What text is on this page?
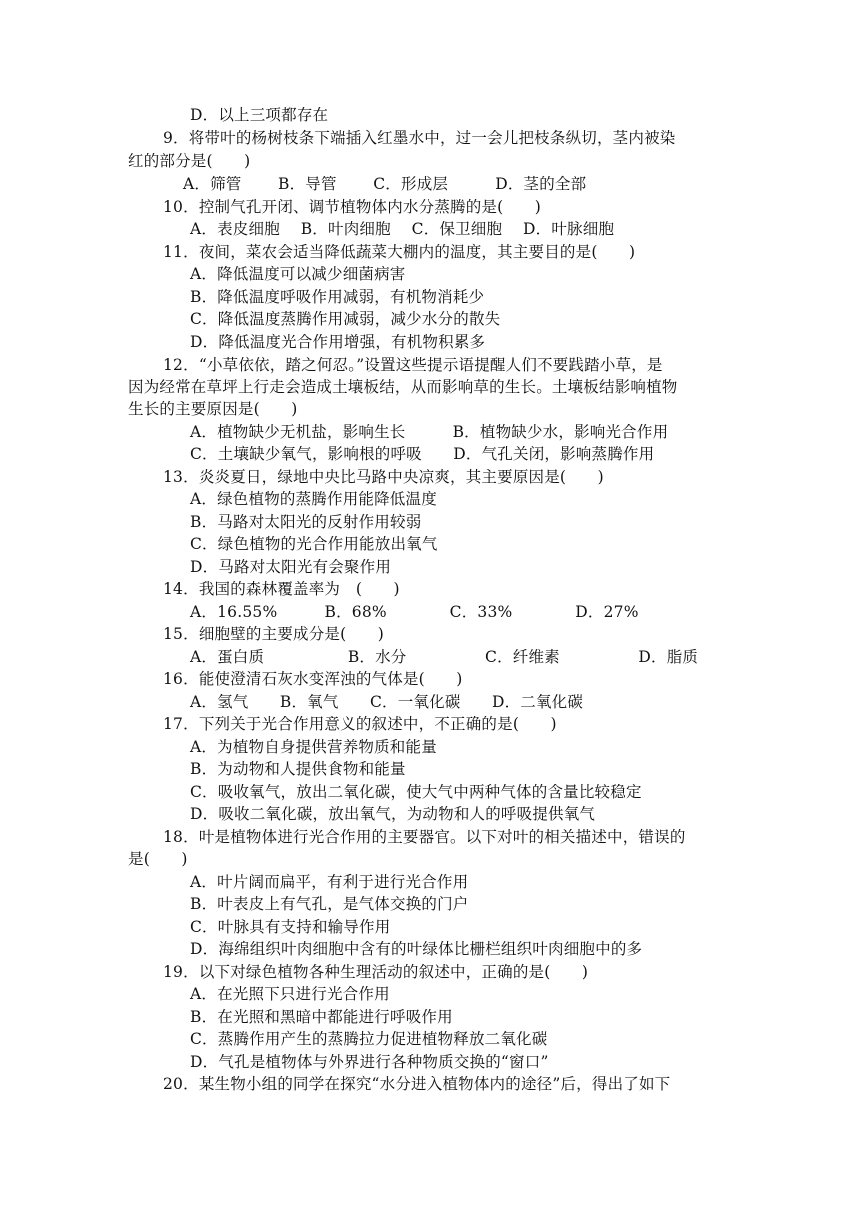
D．以上三项都存在
9．将带叶的杨树枝条下端插入红墨水中，过一会儿把枝条纵切，茎内被染
红的部分是(　　)
A．筛管　　 B．导管　　 C．形成层　　　D．茎的全部
10．控制气孔开闭、调节植物体内水分蒸腾的是(　　)
A．表皮细胞　 B．叶肉细胞　 C．保卫细胞　 D．叶脉细胞
11．夜间，菜农会适当降低蔬菜大棚内的温度，其主要目的是(　　)
A．降低温度可以减少细菌病害
B．降低温度呼吸作用减弱，有机物消耗少
C．降低温度蒸腾作用减弱，减少水分的散失
D．降低温度光合作用增强，有机物积累多
12．“小草依依，踏之何忍。”设置这些提示语提醒人们不要践踏小草，是
因为经常在草坪上行走会造成土壤板结，从而影响草的生长。土壤板结影响植物
生长的主要原因是(　　)
A．植物缺少无机盐，影响生长　　　B．植物缺少水，影响光合作用
C．土壤缺少氧气，影响根的呼吸　　D．气孔关闭，影响蒸腾作用
13．炎炎夏日，绿地中央比马路中央凉爽，其主要原因是(　　)
A．绿色植物的蒸腾作用能降低温度
B．马路对太阳光的反射作用较弱
C．绿色植物的光合作用能放出氧气
D．马路对太阳光有会聚作用
14．我国的森林覆盖率为　(　　)
A．16.55%　　　B．68%　　　　C．33%　　　　D．27%
15．细胞壁的主要成分是(　　)
A．蛋白质　　　　　 B．水分　　　　　C．纤维素　　　　　D．脂质
16．能使澄清石灰水变浑浊的气体是(　　)
A．氢气　　B．氧气　　C．一氧化碳　　D．二氧化碳
17．下列关于光合作用意义的叙述中，不正确的是(　　)
A．为植物自身提供营养物质和能量
B．为动物和人提供食物和能量
C．吸收氧气，放出二氧化碳，使大气中两种气体的含量比较稳定
D．吸收二氧化碳，放出氧气，为动物和人的呼吸提供氧气
18．叶是植物体进行光合作用的主要器官。以下对叶的相关描述中，错误的
是(　　)
A．叶片阔而扁平，有利于进行光合作用
B．叶表皮上有气孔，是气体交换的门户
C．叶脉具有支持和输导作用
D．海绵组织叶肉细胞中含有的叶绿体比栅栏组织叶肉细胞中的多
19．以下对绿色植物各种生理活动的叙述中，正确的是(　　)
A．在光照下只进行光合作用
B．在光照和黑暗中都能进行呼吸作用
C．蒸腾作用产生的蒸腾拉力促进植物释放二氧化碳
D．气孔是植物体与外界进行各种物质交换的“窗口”
20．某生物小组的同学在探究“水分进入植物体内的途径”后，得出了如下
